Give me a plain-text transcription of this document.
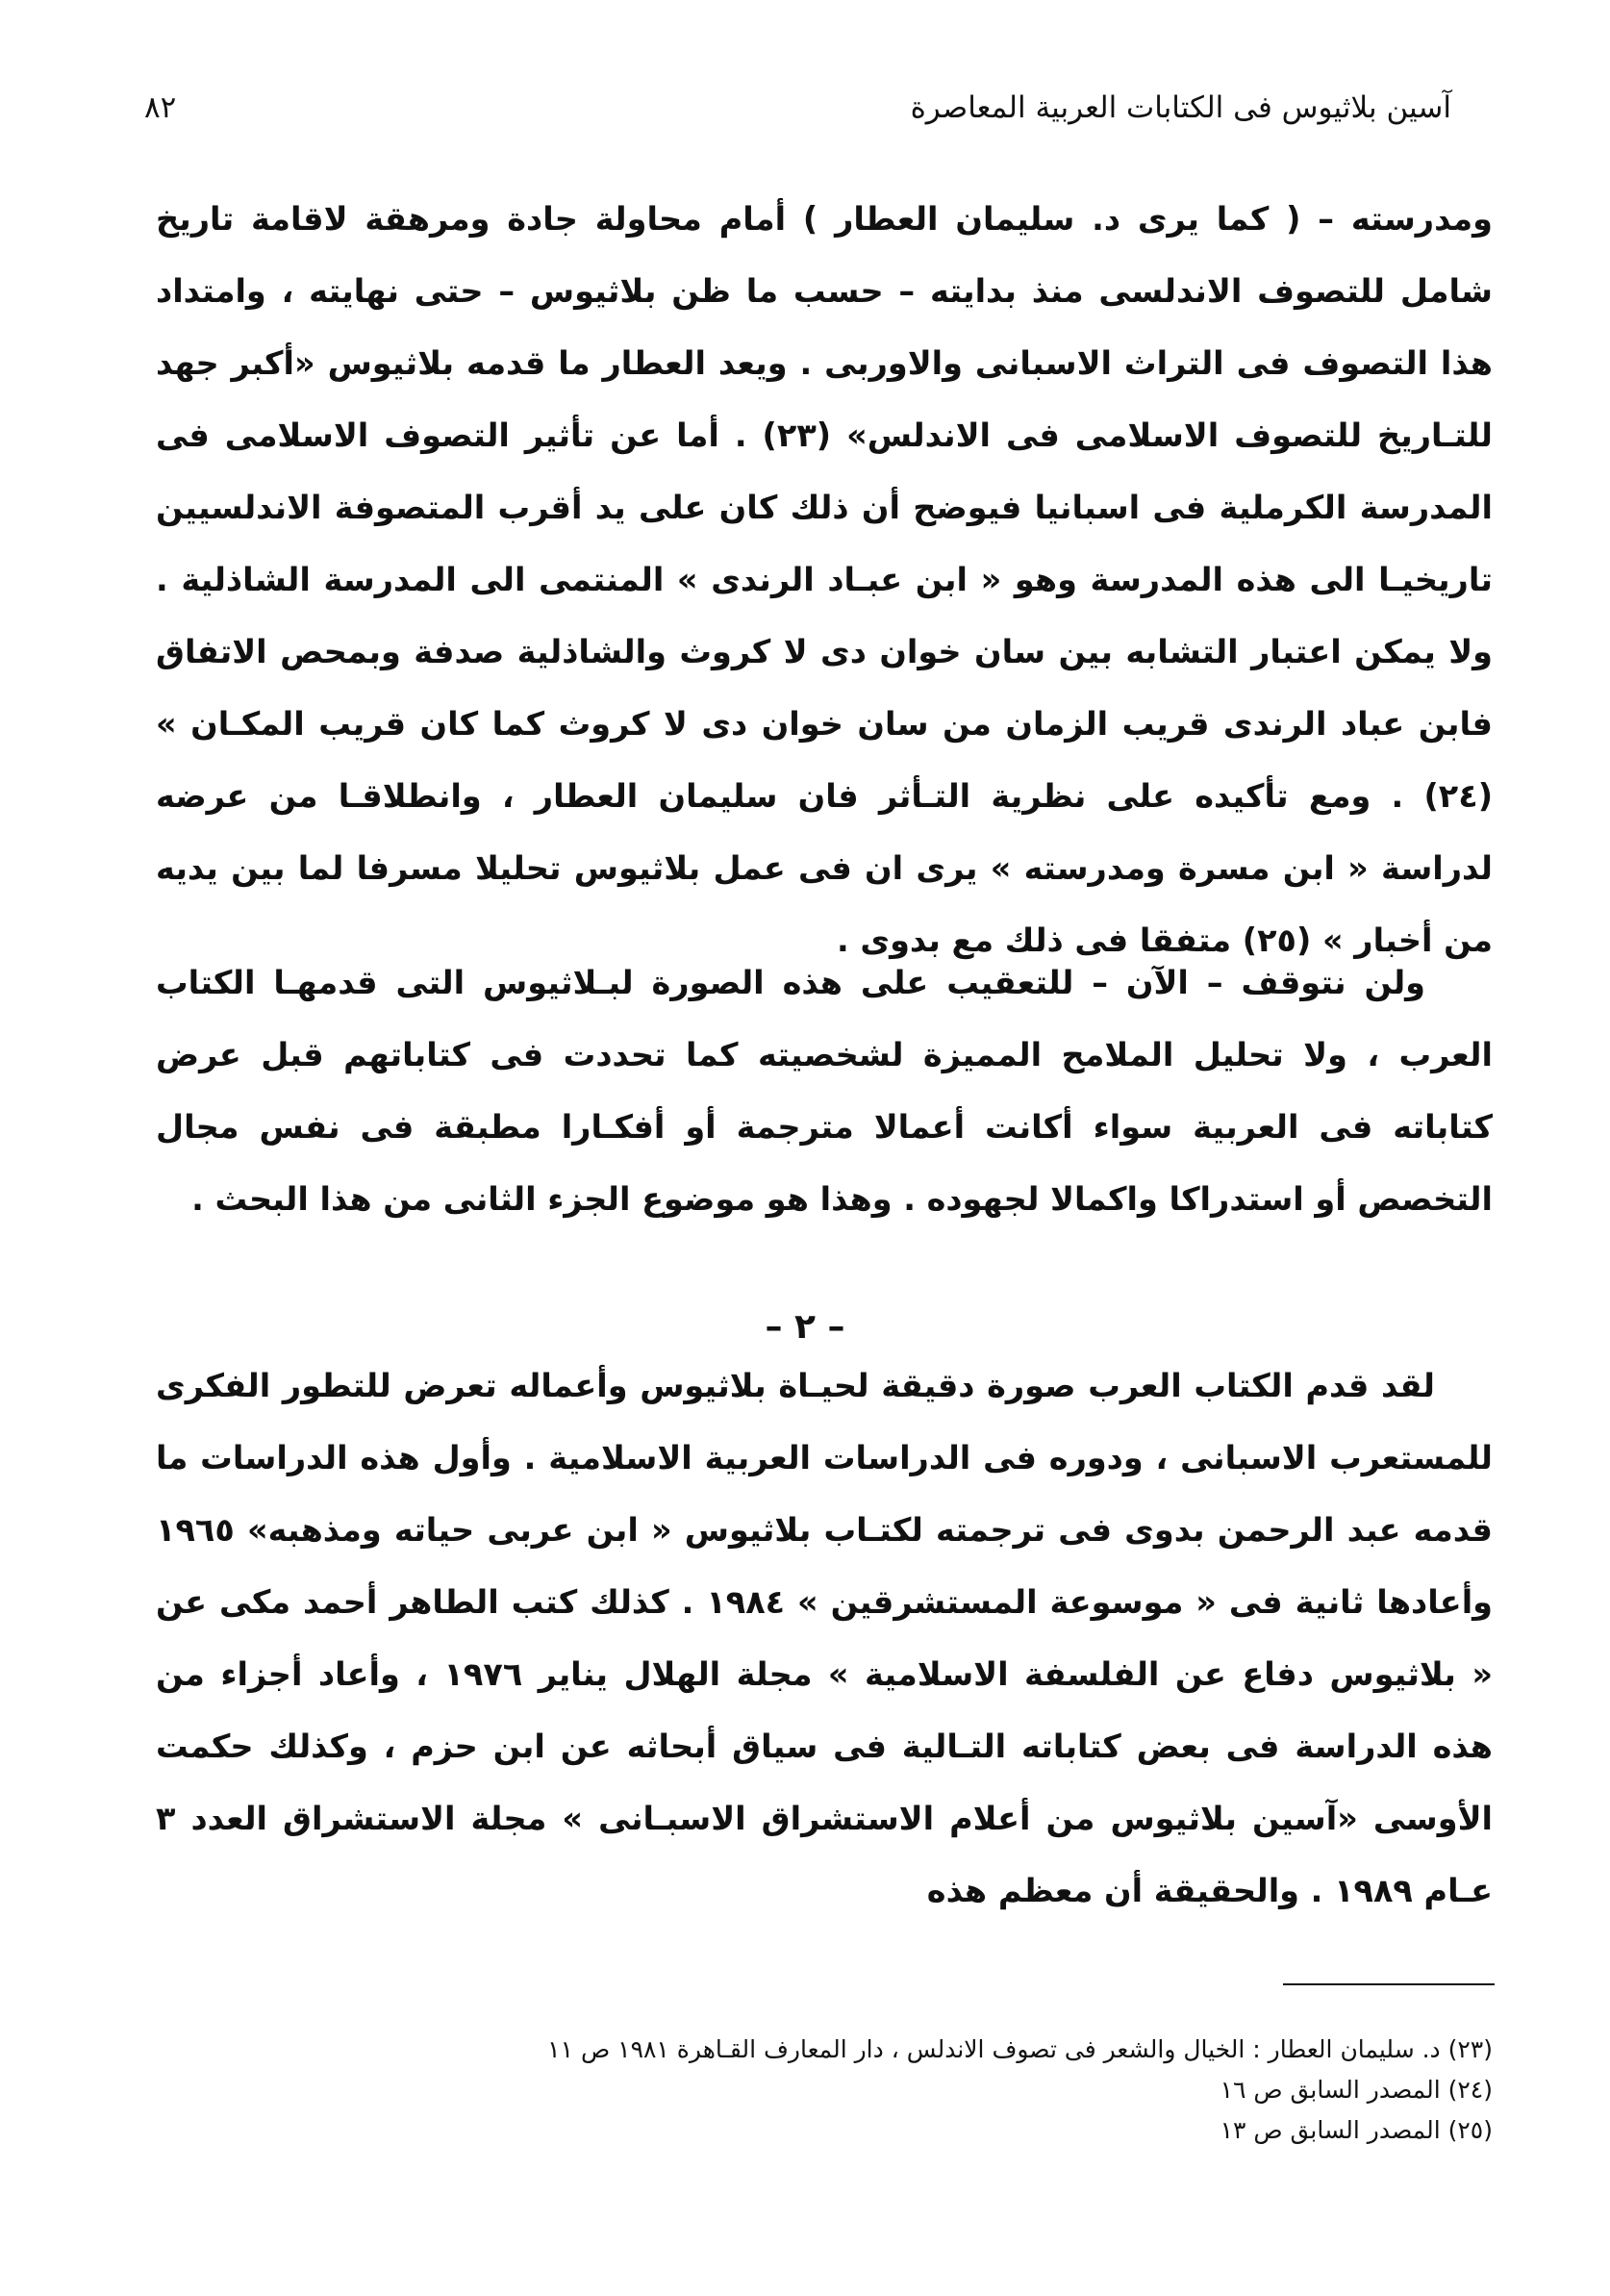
آسين بلاثيوس فى الكتابات العربية المعاصرة
٨٢

ومدرسته – ( كما يرى د. سليمان العطار ) أمام محاولة جادة ومرهقة لاقامة تاريخ شامل للتصوف الاندلسى منذ بدايته – حسب ما ظن بلاثيوس – حتى نهايته ، وامتداد هذا التصوف فى التراث الاسبانى والاوربى . ويعد العطار ما قدمه بلاثيوس «أكبر جهد للتـاريخ للتصوف الاسلامى فى الاندلس» (٢٣) . أما عن تأثير التصوف الاسلامى فى المدرسة الكرملية فى اسبانيا فيوضح أن ذلك كان على يد أقرب المتصوفة الاندلسيين تاريخيـا الى هذه المدرسة وهو « ابن عبـاد الرندى » المنتمى الى المدرسة الشاذلية . ولا يمكن اعتبار التشابه بين سان خوان دى لا كروث والشاذلية صدفة وبمحص الاتفاق فابن عباد الرندى قريب الزمان من سان خوان دى لا كروث كما كان قريب المكـان » (٢٤) . ومع تأكيده على نظرية التـأثر فان سليمان العطار ، وانطلاقـا من عرضه لدراسة « ابن مسرة ومدرسته » يرى ان فى عمل بلاثيوس تحليلا مسرفا لما بين يديه من أخبار » (٢٥) متفقا فى ذلك مع بدوى .

ولن نتوقف – الآن – للتعقيب على هذه الصورة لبـلاثيوس التى قدمهـا الكتاب العرب ، ولا تحليل الملامح المميزة لشخصيته كما تحددت فى كتاباتهم قبل عرض كتاباته فى العربية سواء أكانت أعمالا مترجمة أو أفكـارا مطبقة فى نفس مجال التخصص أو استدراكا واكمالا لجهوده . وهذا هو موضوع الجزء الثانى من هذا البحث .

– ٢ –

لقد قدم الكتاب العرب صورة دقيقة لحيـاة بلاثيوس وأعماله تعرض للتطور الفكرى للمستعرب الاسبانى ، ودوره فى الدراسات العربية الاسلامية . وأول هذه الدراسات ما قدمه عبد الرحمن بدوى فى ترجمته لكتـاب بلاثيوس « ابن عربى حياته ومذهبه» ١٩٦٥ وأعادها ثانية فى « موسوعة المستشرقين » ١٩٨٤ . كذلك كتب الطاهر أحمد مكى عن « بلاثيوس دفاع عن الفلسفة الاسلامية » مجلة الهلال يناير ١٩٧٦ ، وأعاد أجزاء من هذه الدراسة فى بعض كتاباته التـالية فى سياق أبحاثه عن ابن حزم ، وكذلك حكمت الأوسى «آسين بلاثيوس من أعلام الاستشراق الاسبـانى » مجلة الاستشراق العدد ٣ عـام ١٩٨٩ . والحقيقة أن معظم هذه

(٢٣) د. سليمان العطار : الخيال والشعر فى تصوف الاندلس ، دار المعارف القـاهرة ١٩٨١ ص ١١

(٢٤) المصدر السابق ص ١٦

(٢٥) المصدر السابق ص ١٣
